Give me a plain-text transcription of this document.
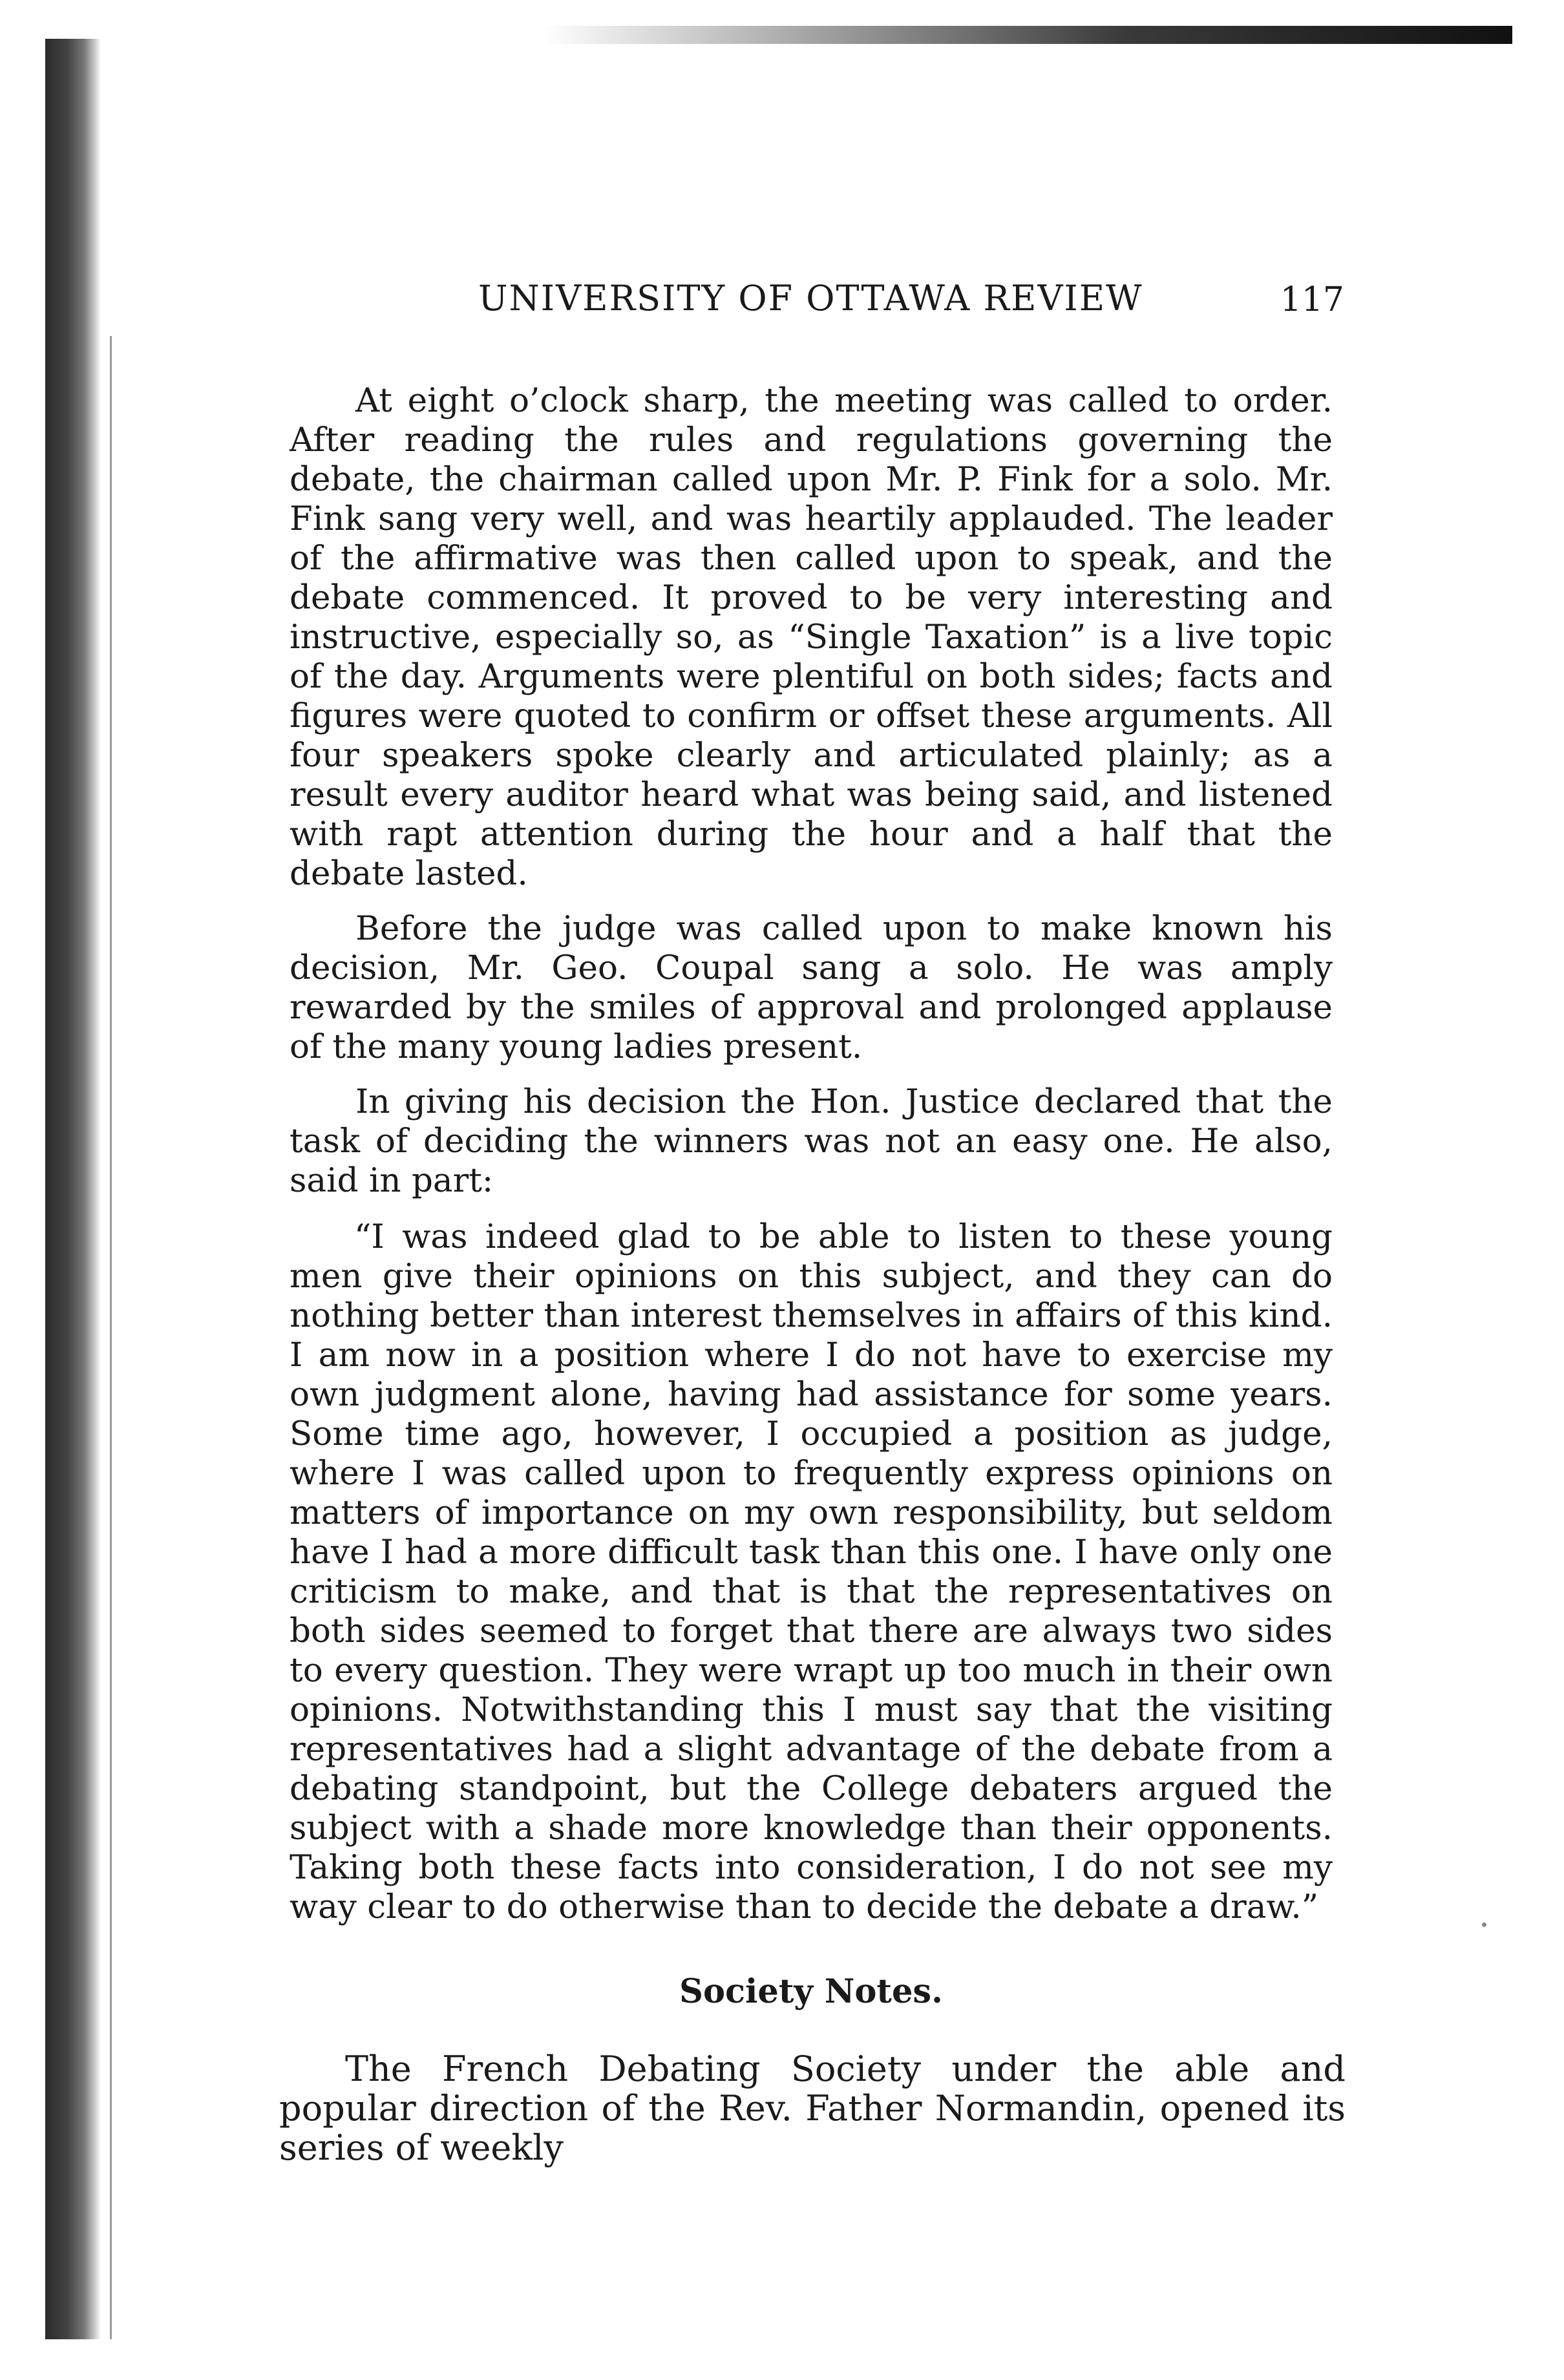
UNIVERSITY OF OTTAWA REVIEW	117

At eight o’clock sharp, the meeting was called to order. After reading the rules and regulations governing the debate, the chairman called upon Mr. P. Fink for a solo. Mr. Fink sang very well, and was heartily applauded. The leader of the affirmative was then called upon to speak, and the debate commenced. It proved to be very interesting and instructive, especially so, as “Single Taxation” is a live topic of the day. Arguments were plentiful on both sides; facts and figures were quoted to confirm or offset these arguments. All four speakers spoke clearly and articulated plainly; as a result every auditor heard what was being said, and listened with rapt attention during the hour and a half that the debate lasted.

Before the judge was called upon to make known his decision, Mr. Geo. Coupal sang a solo. He was amply rewarded by the smiles of approval and prolonged applause of the many young ladies present.

In giving his decision the Hon. Justice declared that the task of deciding the winners was not an easy one. He also, said in part:

“I was indeed glad to be able to listen to these young men give their opinions on this subject, and they can do nothing better than interest themselves in affairs of this kind. I am now in a position where I do not have to exercise my own judgment alone, having had assistance for some years. Some time ago, however, I occupied a position as judge, where I was called upon to frequently express opinions on matters of importance on my own responsibility, but seldom have I had a more difficult task than this one. I have only one criticism to make, and that is that the representatives on both sides seemed to forget that there are always two sides to every question. They were wrapt up too much in their own opinions. Notwithstanding this I must say that the visiting representatives had a slight advantage of the debate from a debating standpoint, but the College debaters argued the subject with a shade more knowledge than their opponents. Taking both these facts into consideration, I do not see my way clear to do otherwise than to decide the debate a draw.”

Society Notes.

The French Debating Society under the able and popular direction of the Rev. Father Normandin, opened its series of weekly
